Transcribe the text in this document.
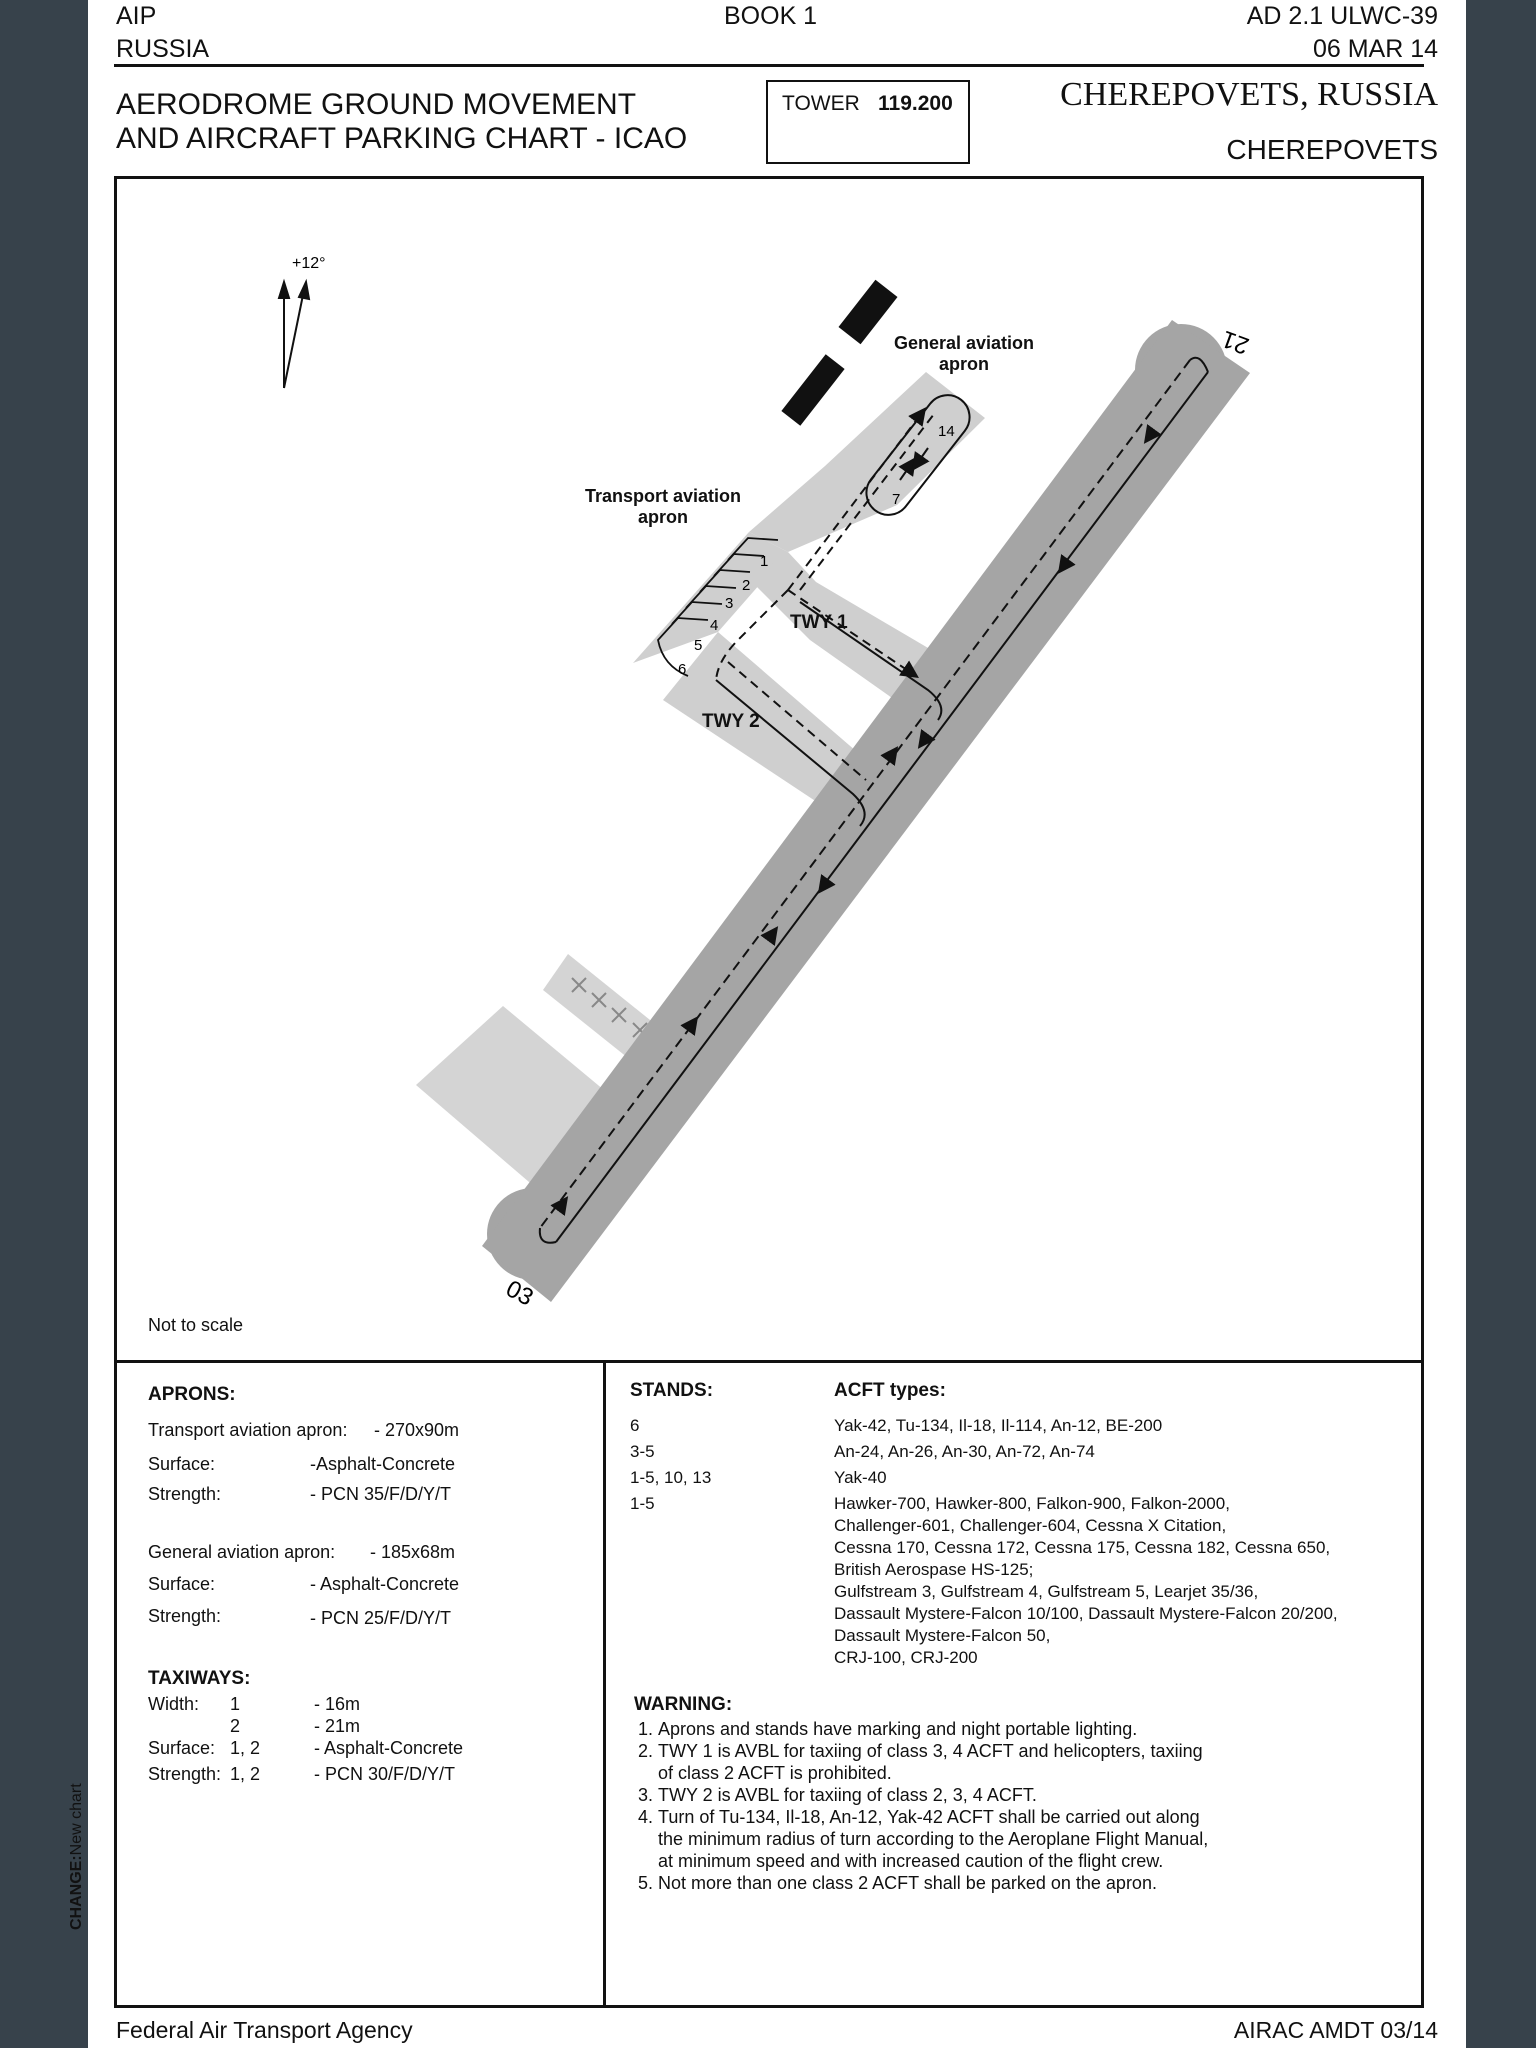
AIP
RUSSIA
BOOK 1	AD 2.1 ULWC-39
06 MAR 14
AERODROME GROUND MOVEMENT
AND AIRCRAFT PARKING CHART - ICAO
TOWER 119.200	CHEREPOVETS, RUSSIA
CHEREPOVETS
21
03
1
2
3
4
5
6
14
7
+12°
General aviation
apron
Transport aviation
apron
TWY 1
TWY 2
Not to scale
APRONS:
Transport aviation apron: - 270x90m
Surface:	-Asphalt-Concrete
Strength:	- PCN 35/F/D/Y/T
General aviation apron: - 185x68m
Surface:	- Asphalt-Concrete
Strength:	- PCN 25/F/D/Y/T
TAXIWAYS:
Width: 1	- 16m
2	- 21m
Surface: 1, 2	- Asphalt-Concrete
Strength: 1, 2	- PCN 30/F/D/Y/T
STANDS:	ACFT types:
6	Yak-42, Tu-134, Il-18, Il-114, An-12, BE-200
3-5	An-24, An-26, An-30, An-72, An-74
1-5, 10, 13	Yak-40
1-5	Hawker-700, Hawker-800, Falkon-900, Falkon-2000,
Challenger-601, Challenger-604, Cessna X Citation,
Cessna 170, Cessna 172, Cessna 175, Cessna 182, Cessna 650,
British Aerospase HS-125;
Gulfstream 3, Gulfstream 4, Gulfstream 5, Learjet 35/36,
Dassault Mystere-Falcon 10/100, Dassault Mystere-Falcon 20/200,
Dassault Mystere-Falcon 50,
CRJ-100, CRJ-200
WARNING:
1. Aprons and stands have marking and night portable lighting.
2. TWY 1 is AVBL for taxiing of class 3, 4 ACFT and helicopters, taxiing of class 2 ACFT is prohibited.
3. TWY 2 is AVBL for taxiing of class 2, 3, 4 ACFT.
4. Turn of Tu-134, Il-18, An-12, Yak-42 ACFT shall be carried out along the minimum radius of turn according to the Aeroplane Flight Manual, at minimum speed and with increased caution of the flight crew.
5. Not more than one class 2 ACFT shall be parked on the apron.
CHANGE:New chart
Federal Air Transport Agency	AIRAC AMDT 03/14
